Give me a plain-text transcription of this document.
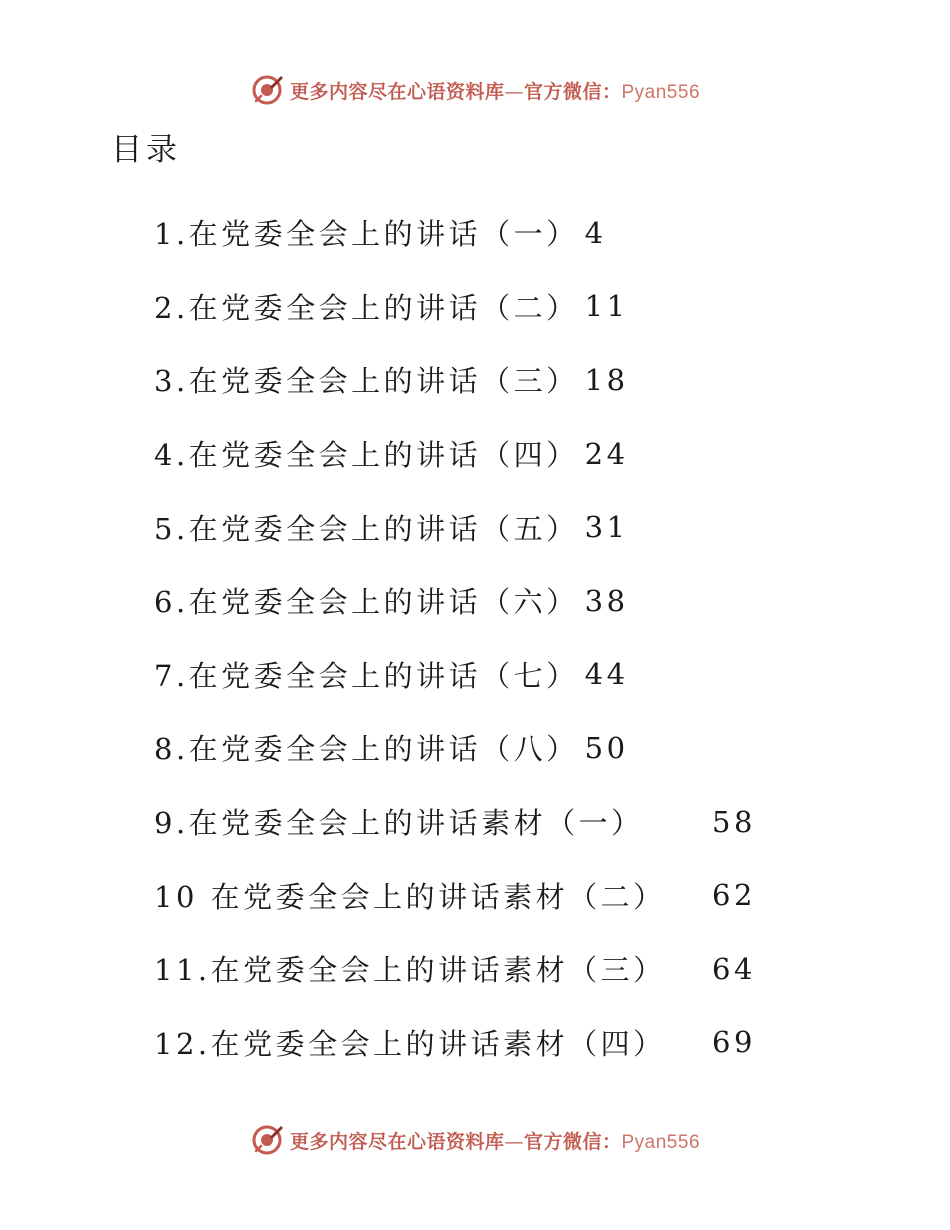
更多内容尽在心语资料库—官方微信：Pyan556
目录
1.在党委全会上的讲话（一） 4
2.在党委全会上的讲话（二） 11
3.在党委全会上的讲话（三） 18
4.在党委全会上的讲话（四） 24
5.在党委全会上的讲话（五） 31
6.在党委全会上的讲话（六） 38
7.在党委全会上的讲话（七） 44
8.在党委全会上的讲话（八） 50
9.在党委全会上的讲话素材（一）	58
10 在党委全会上的讲话素材（二）	62
11.在党委全会上的讲话素材（三）	64
12.在党委全会上的讲话素材（四）	69
更多内容尽在心语资料库—官方微信：Pyan556
